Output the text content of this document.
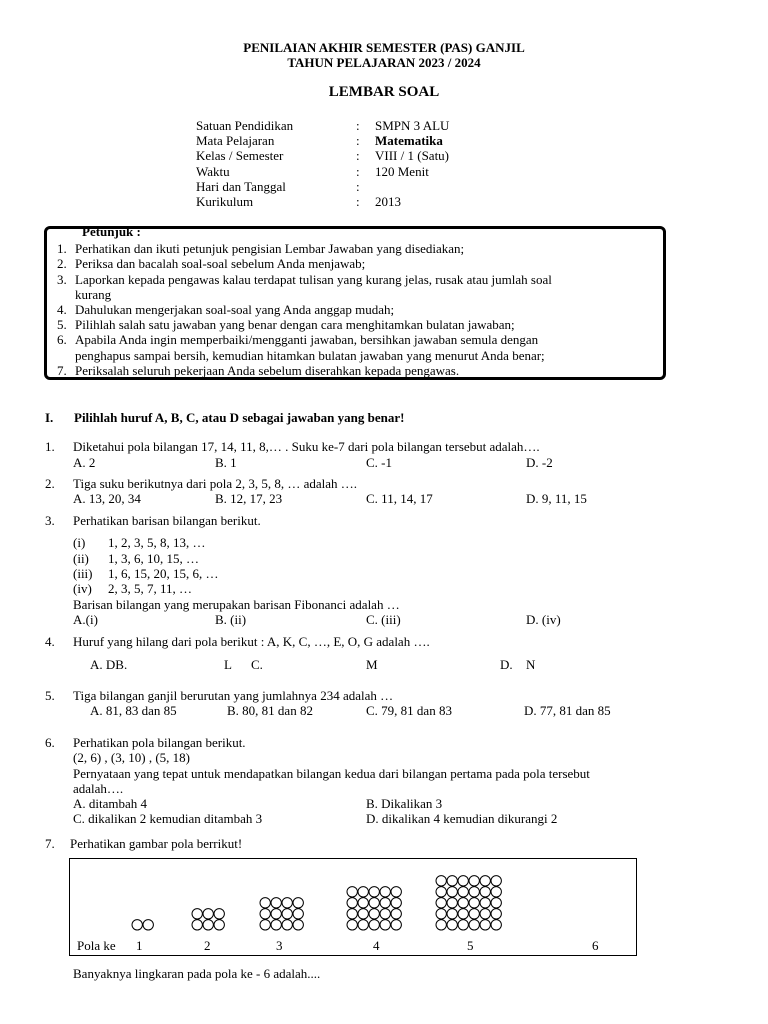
PENILAIAN AKHIR SEMESTER (PAS) GANJIL
TAHUN PELAJARAN 2023 / 2024
LEMBAR SOAL
Satuan Pendidikan	: SMPN 3 ALU
Mata Pelajaran	: Matematika
Kelas / Semester	: VIII / 1 (Satu)
Waktu	: 120 Menit
Hari dan Tanggal	:
Kurikulum	: 2013
Petunjuk :
1. Perhatikan dan ikuti petunjuk pengisian Lembar Jawaban yang disediakan;
2. Periksa dan bacalah soal-soal sebelum Anda menjawab;
3. Laporkan kepada pengawas kalau terdapat tulisan yang kurang jelas, rusak atau jumlah soal
kurang
4. Dahulukan mengerjakan soal-soal yang Anda anggap mudah;
5. Pilihlah salah satu jawaban yang benar dengan cara menghitamkan bulatan jawaban;
6. Apabila Anda ingin memperbaiki/mengganti jawaban, bersihkan jawaban semula dengan
penghapus sampai bersih, kemudian hitamkan bulatan jawaban yang menurut Anda benar;
7. Periksalah seluruh pekerjaan Anda sebelum diserahkan kepada pengawas.
I. Pilihlah huruf A, B, C, atau D sebagai jawaban yang benar!
1. Diketahui pola bilangan 17, 14, 11, 8,… . Suku ke-7 dari pola bilangan tersebut adalah….
A. 2	B. 1	C. -1	D. -2
2. Tiga suku berikutnya dari pola 2, 3, 5, 8, … adalah ….
A. 13, 20, 34	B. 12, 17, 23	C. 11, 14, 17	D. 9, 11, 15
3. Perhatikan barisan bilangan berikut.
(i) 1, 2, 3, 5, 8, 13, …
(ii) 1, 3, 6, 10, 15, …
(iii) 1, 6, 15, 20, 15, 6, …
(iv) 2, 3, 5, 7, 11, …
Barisan bilangan yang merupakan barisan Fibonanci adalah …
A.(i)	B. (ii)	C. (iii)	D. (iv)
4. Huruf yang hilang dari pola berikut : A, K, C, …, E, O, G adalah ….
A. DB.	L C.	M	D. N
5. Tiga bilangan ganjil berurutan yang jumlahnya 234 adalah …
A. 81, 83 dan 85	B. 80, 81 dan 82	C. 79, 81 dan 83	D. 77, 81 dan 85
6. Perhatikan pola bilangan berikut.
(2, 6) , (3, 10) , (5, 18)
Pernyataan yang tepat untuk mendapatkan bilangan kedua dari bilangan pertama pada pola tersebut
adalah….
A. ditambah 4	B. Dikalikan 3
C. dikalikan 2 kemudian ditambah 3	D. dikalikan 4 kemudian dikurangi 2
7. Perhatikan gambar pola berrikut!
Pola ke 1	2	3	4	5	6
Banyaknya lingkaran pada pola ke - 6 adalah....
